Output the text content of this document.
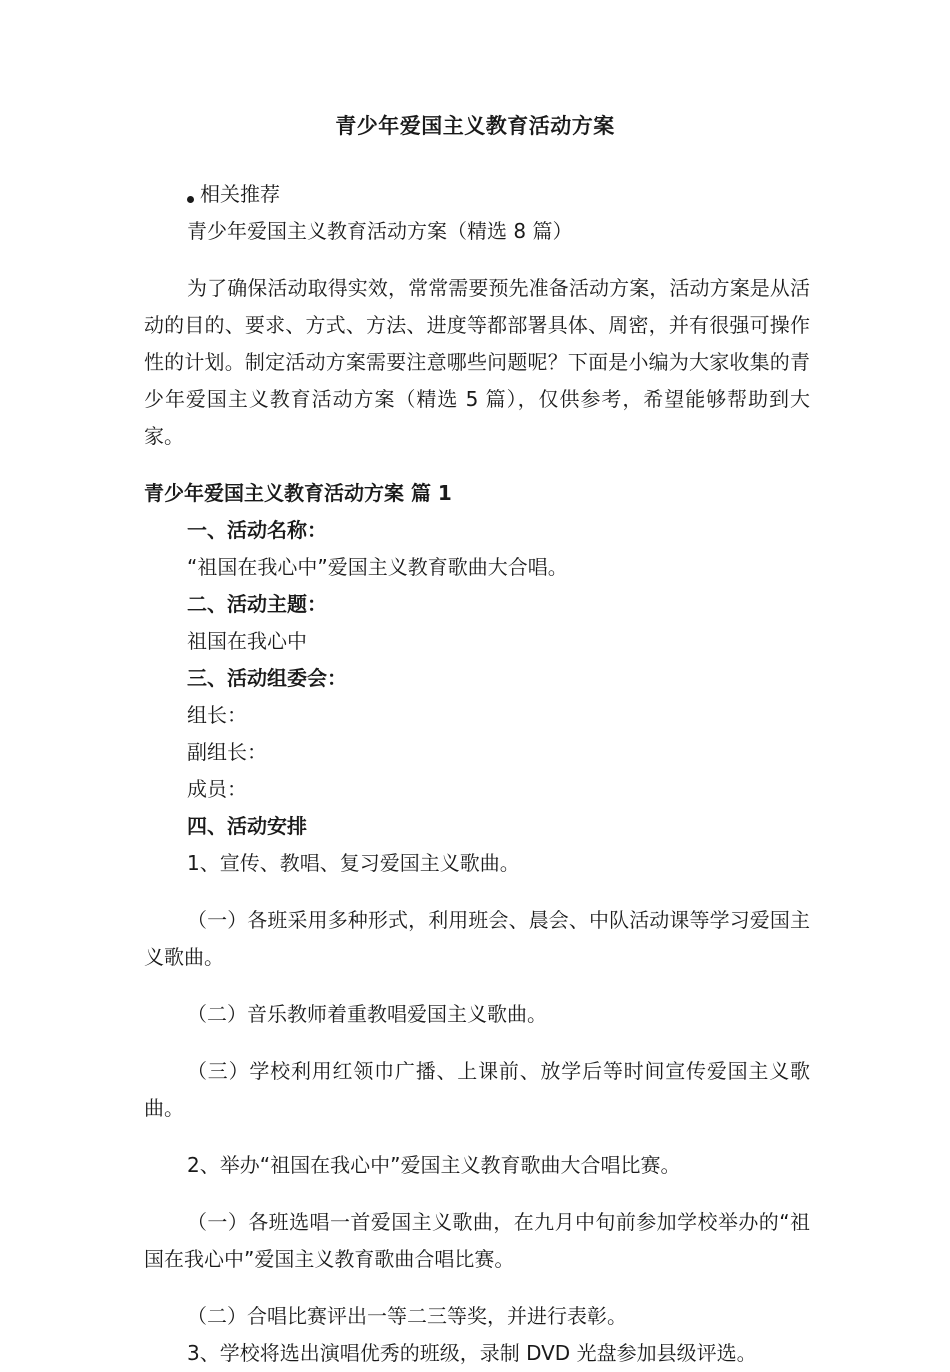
青少年爱国主义教育活动方案

相关推荐

青少年爱国主义教育活动方案（精选 8 篇）

为了确保活动取得实效，常常需要预先准备活动方案，活动方案是从活动的目的、要求、方式、方法、进度等都部署具体、周密，并有很强可操作性的计划。制定活动方案需要注意哪些问题呢？下面是小编为大家收集的青少年爱国主义教育活动方案（精选 5 篇），仅供参考，希望能够帮助到大家。

青少年爱国主义教育活动方案 篇 1

一、活动名称：

“祖国在我心中”爱国主义教育歌曲大合唱。

二、活动主题：

祖国在我心中

三、活动组委会：

组长：

副组长：

成员：

四、活动安排

1、宣传、教唱、复习爱国主义歌曲。

（一）各班采用多种形式，利用班会、晨会、中队活动课等学习爱国主义歌曲。

（二）音乐教师着重教唱爱国主义歌曲。

（三）学校利用红领巾广播、上课前、放学后等时间宣传爱国主义歌曲。

2、举办“祖国在我心中”爱国主义教育歌曲大合唱比赛。

（一）各班选唱一首爱国主义歌曲，在九月中旬前参加学校举办的“祖国在我心中”爱国主义教育歌曲合唱比赛。

（二）合唱比赛评出一等二三等奖，并进行表彰。

3、学校将选出演唱优秀的班级，录制 DVD 光盘参加县级评选。
